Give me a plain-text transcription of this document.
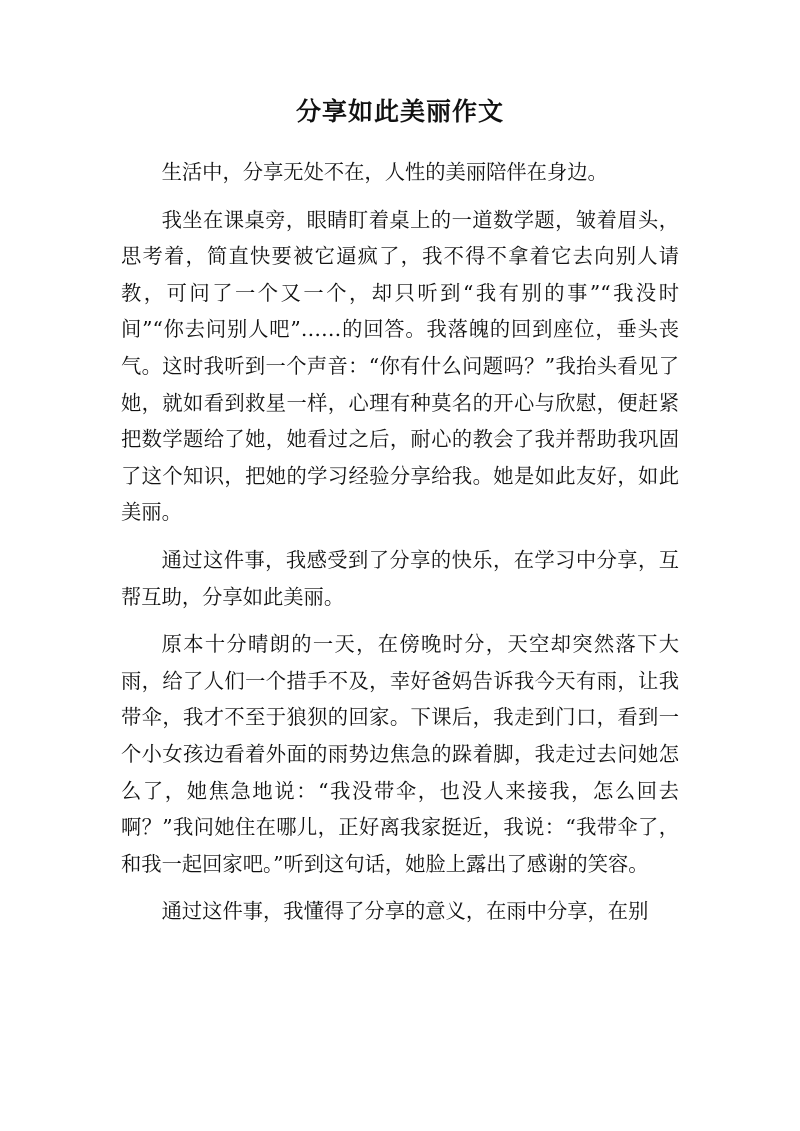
分享如此美丽作文

生活中，分享无处不在，人性的美丽陪伴在身边。

我坐在课桌旁，眼睛盯着桌上的一道数学题，皱着眉头，思考着，简直快要被它逼疯了，我不得不拿着它去向别人请教，可问了一个又一个，却只听到“我有别的事”“我没时间”“你去问别人吧”……的回答。我落魄的回到座位，垂头丧气。这时我听到一个声音：“你有什么问题吗？”我抬头看见了她，就如看到救星一样，心理有种莫名的开心与欣慰，便赶紧把数学题给了她，她看过之后，耐心的教会了我并帮助我巩固了这个知识，把她的学习经验分享给我。她是如此友好，如此美丽。

通过这件事，我感受到了分享的快乐，在学习中分享，互帮互助，分享如此美丽。

原本十分晴朗的一天，在傍晚时分，天空却突然落下大雨，给了人们一个措手不及，幸好爸妈告诉我今天有雨，让我带伞，我才不至于狼狈的回家。下课后，我走到门口，看到一个小女孩边看着外面的雨势边焦急的跺着脚，我走过去问她怎么了，她焦急地说：“我没带伞，也没人来接我，怎么回去啊？”我问她住在哪儿，正好离我家挺近，我说：“我带伞了，和我一起回家吧。”听到这句话，她脸上露出了感谢的笑容。

通过这件事，我懂得了分享的意义，在雨中分享，在别
